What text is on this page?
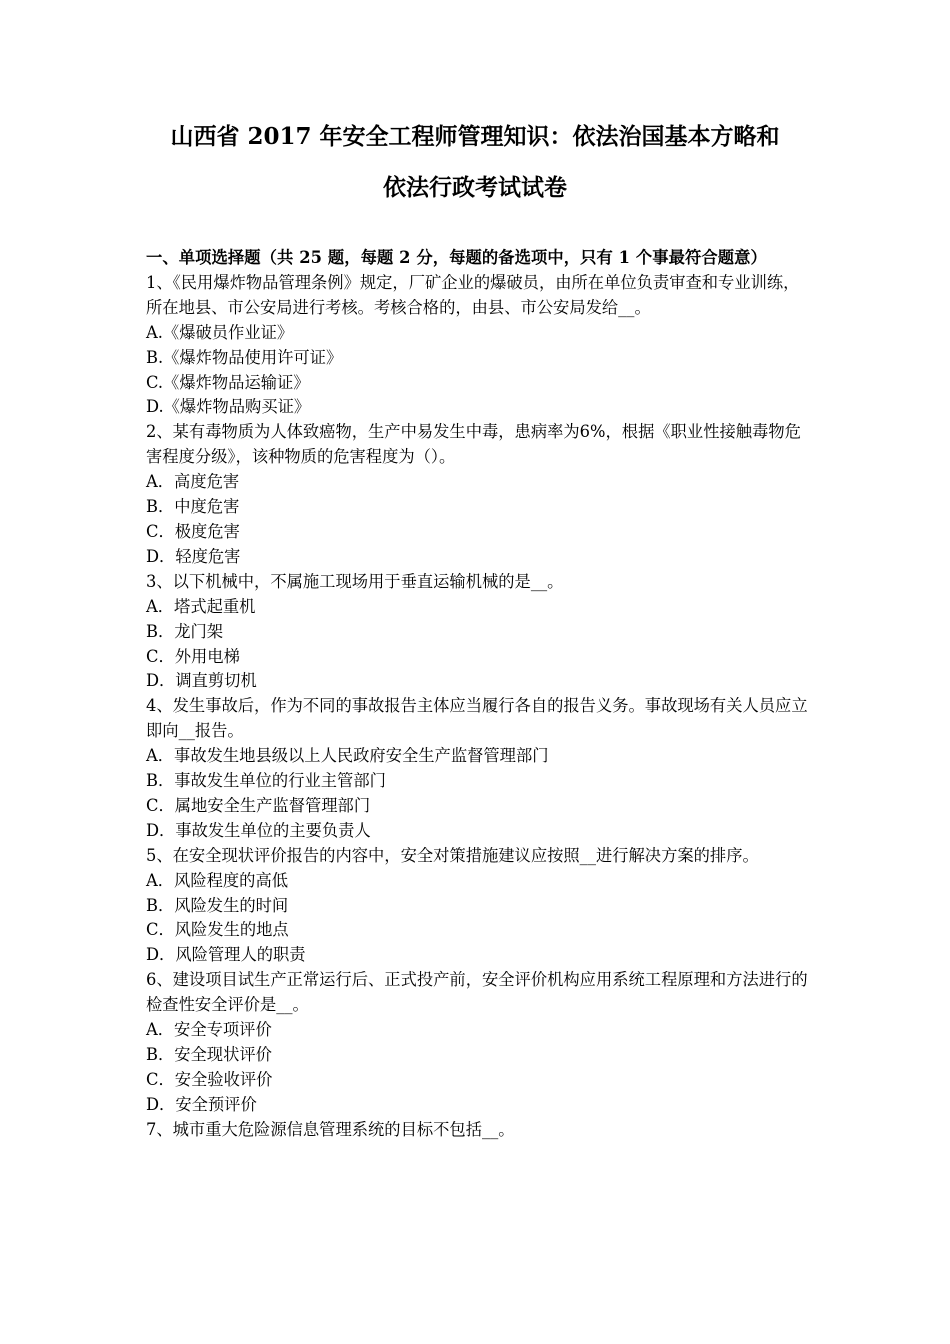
山西省 2017 年安全工程师管理知识：依法治国基本方略和
依法行政考试试卷

一、单项选择题（共 25 题，每题 2 分，每题的备选项中，只有 1 个事最符合题意）

1、《民用爆炸物品管理条例》规定，厂矿企业的爆破员，由所在单位负责审查和专业训练，所在地县、市公安局进行考核。考核合格的，由县、市公安局发给__。

A.《爆破员作业证》

B.《爆炸物品使用许可证》

C.《爆炸物品运输证》

D.《爆炸物品购买证》

2、某有毒物质为人体致癌物，生产中易发生中毒，患病率为6%，根据《职业性接触毒物危害程度分级》，该种物质的危害程度为（）。

A．高度危害

B．中度危害

C．极度危害

D．轻度危害

3、以下机械中，不属施工现场用于垂直运输机械的是__。

A．塔式起重机

B．龙门架

C．外用电梯

D．调直剪切机

4、发生事故后，作为不同的事故报告主体应当履行各自的报告义务。事故现场有关人员应立即向__报告。

A．事故发生地县级以上人民政府安全生产监督管理部门

B．事故发生单位的行业主管部门

C．属地安全生产监督管理部门

D．事故发生单位的主要负责人

5、在安全现状评价报告的内容中，安全对策措施建议应按照__进行解决方案的排序。

A．风险程度的高低

B．风险发生的时间

C．风险发生的地点

D．风险管理人的职责

6、建设项目试生产正常运行后、正式投产前，安全评价机构应用系统工程原理和方法进行的检查性安全评价是__。

A．安全专项评价

B．安全现状评价

C．安全验收评价

D．安全预评价

7、城市重大危险源信息管理系统的目标不包括__。
